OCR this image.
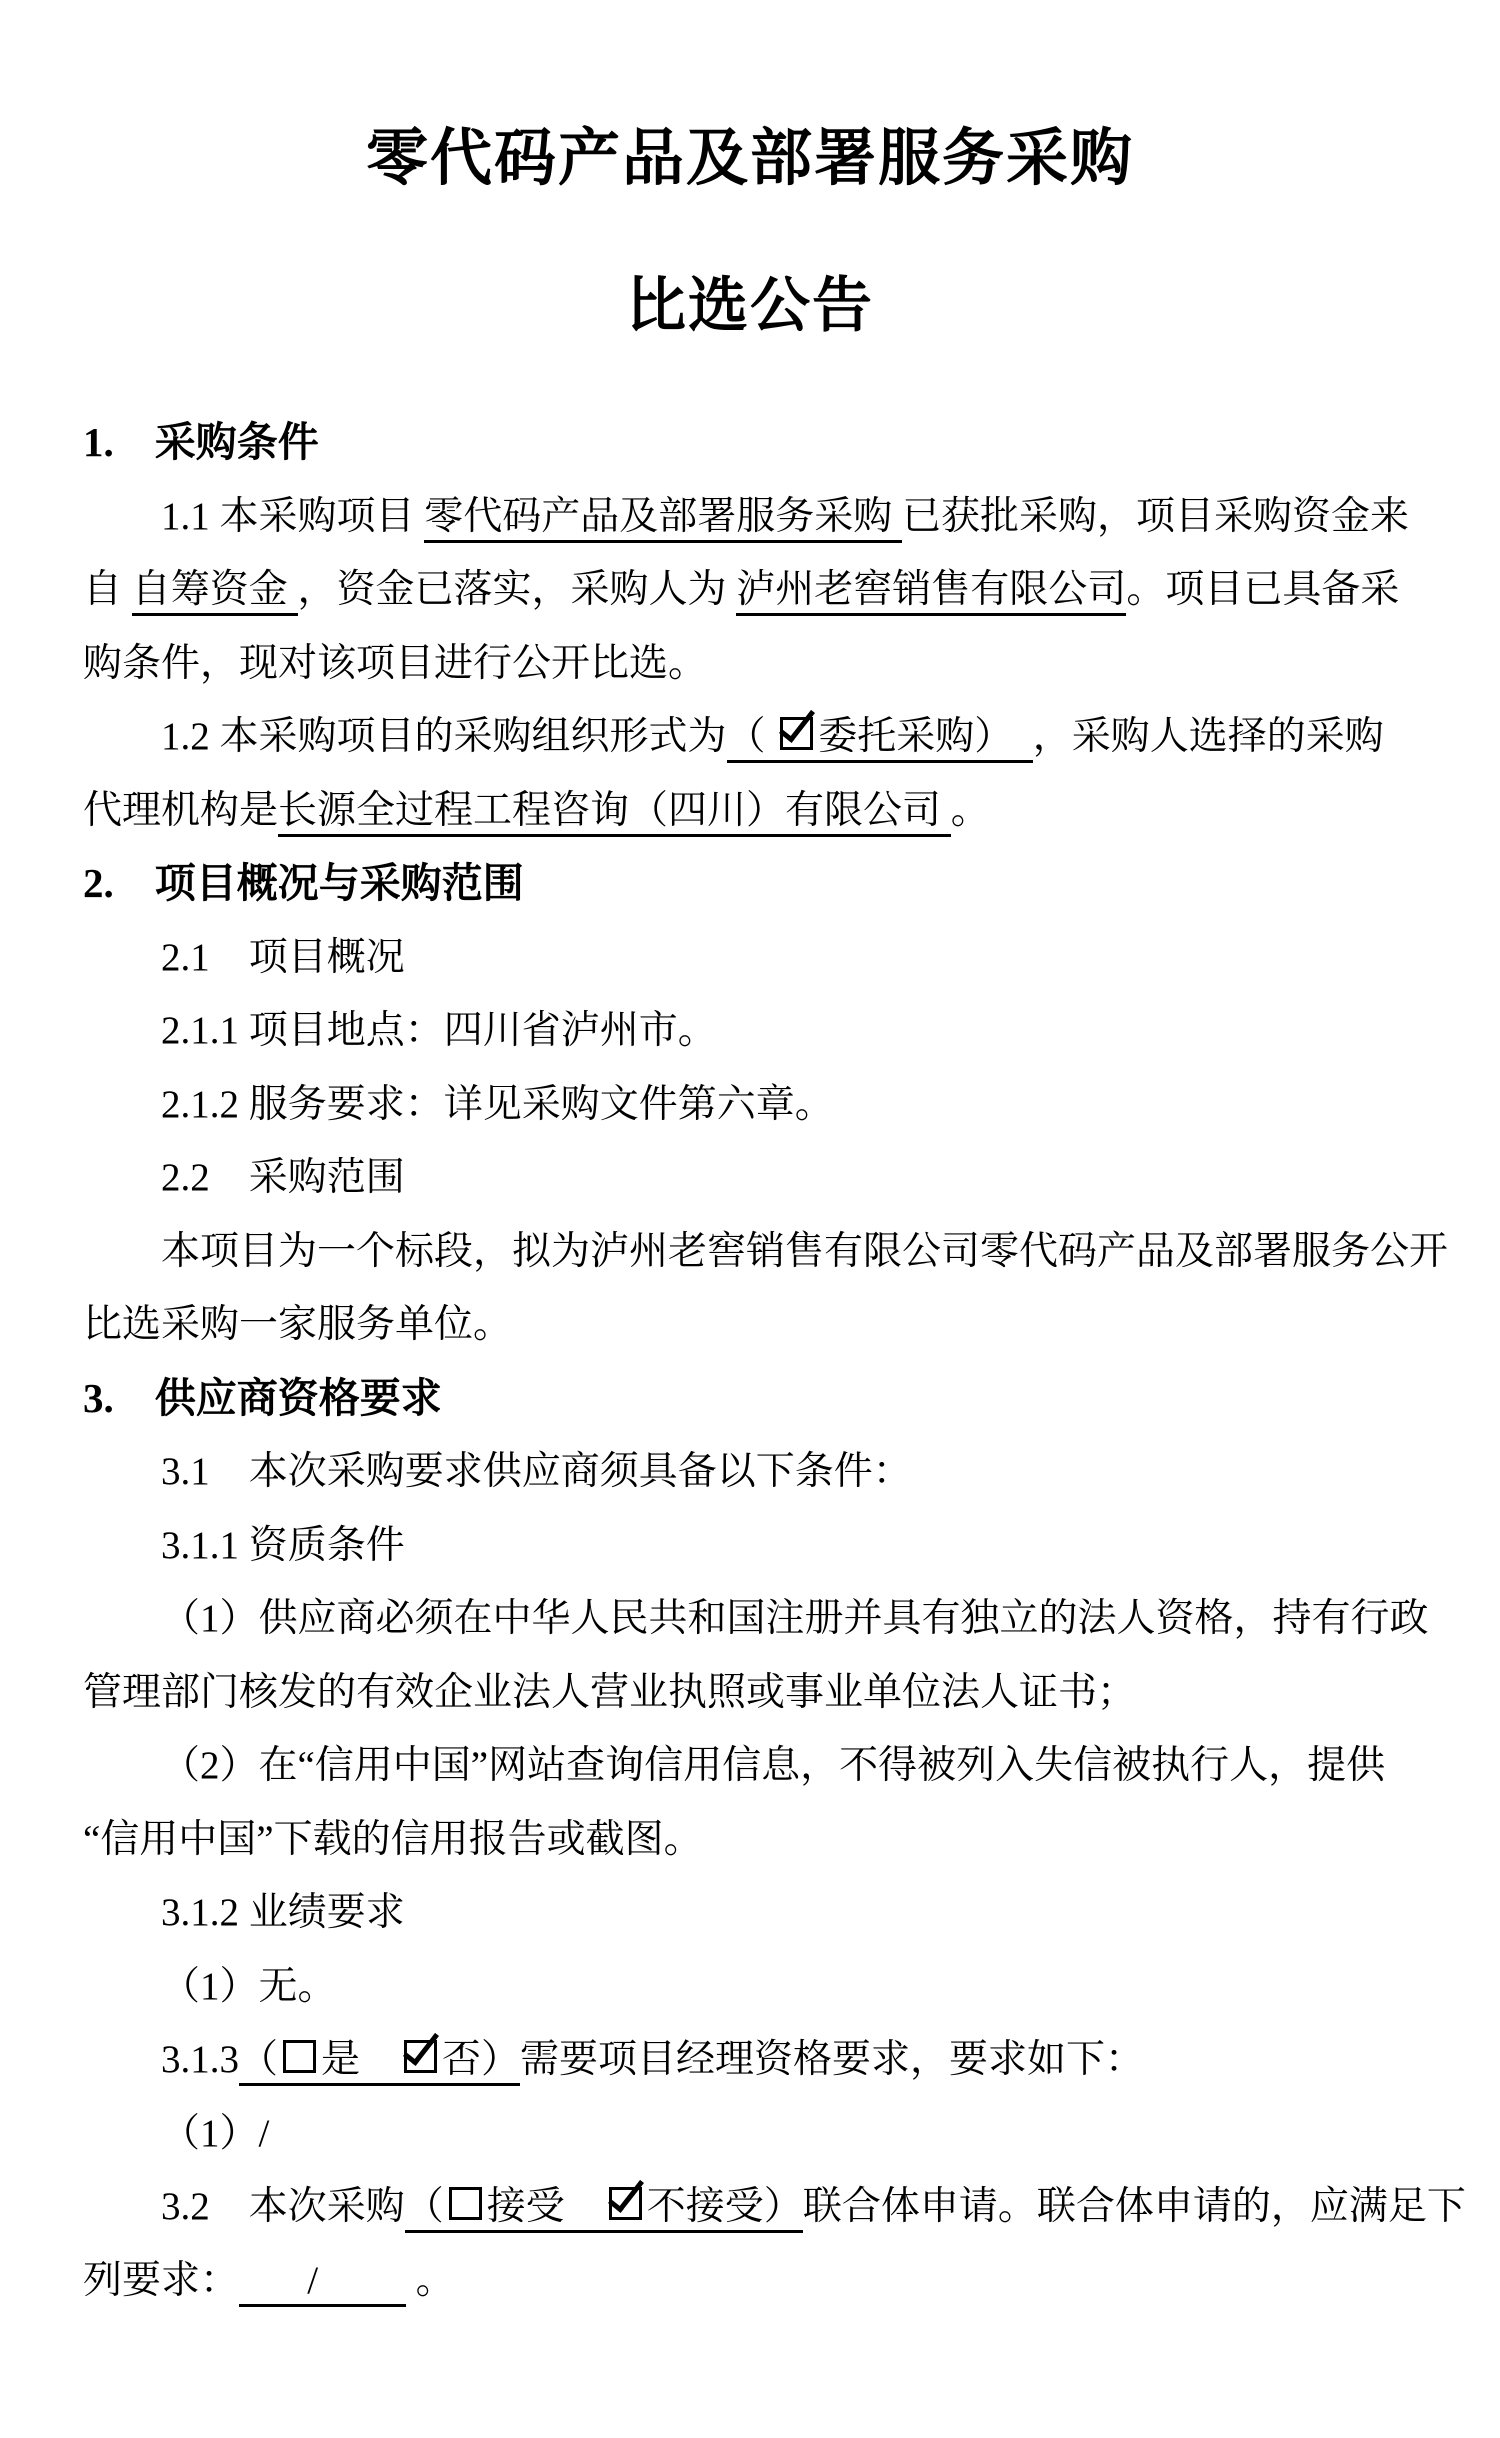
零代码产品及部署服务采购
比选公告
1.　采购条件
1.1 本采购项目 零代码产品及部署服务采购 已获批采购，项目采购资金来
自 自筹资金 ，资金已落实，采购人为 泸州老窖销售有限公司。项目已具备采
购条件，现对该项目进行公开比选。
1.2 本采购项目的采购组织形式为（ 委托采购）  ，采购人选择的采购
代理机构是长源全过程工程咨询（四川）有限公司 。
2.　项目概况与采购范围
2.1　项目概况
2.1.1 项目地点：四川省泸州市。
2.1.2 服务要求：详见采购文件第六章。
2.2　采购范围
本项目为一个标段，拟为泸州老窖销售有限公司零代码产品及部署服务公开
比选采购一家服务单位。
3.　供应商资格要求
3.1　本次采购要求供应商须具备以下条件：
3.1.1 资质条件
（1）供应商必须在中华人民共和国注册并具有独立的法人资格，持有行政
管理部门核发的有效企业法人营业执照或事业单位法人证书；
（2）在“信用中国”网站查询信用信息，不得被列入失信被执行人，提供
“信用中国”下载的信用报告或截图。
3.1.2 业绩要求
（1）无。
3.1.3（ 是　否）需要项目经理资格要求，要求如下：
（1）/
3.2　本次采购（ 接受　不接受）联合体申请。联合体申请的，应满足下
列要求：       /          。
